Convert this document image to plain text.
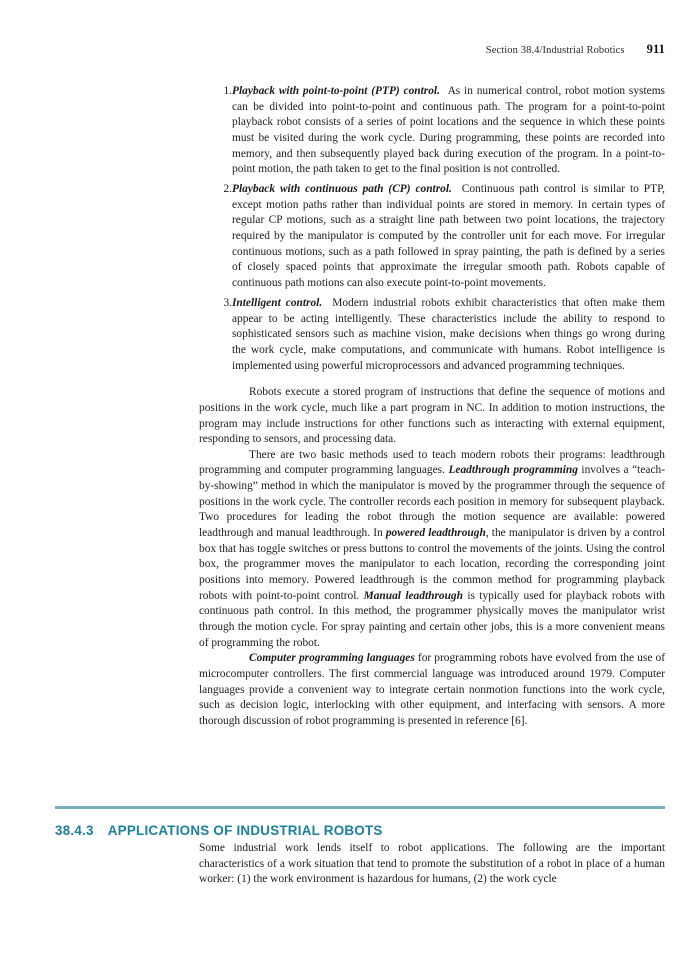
Section 38.4/Industrial Robotics 911
Playback with point-to-point (PTP) control. As in numerical control, robot motion systems can be divided into point-to-point and continuous path. The program for a point-to-point playback robot consists of a series of point locations and the sequence in which these points must be visited during the work cycle. During programming, these points are recorded into memory, and then subsequently played back during execution of the program. In a point-to-point motion, the path taken to get to the final position is not controlled.
Playback with continuous path (CP) control. Continuous path control is similar to PTP, except motion paths rather than individual points are stored in memory. In certain types of regular CP motions, such as a straight line path between two point locations, the trajectory required by the manipulator is computed by the controller unit for each move. For irregular continuous motions, such as a path followed in spray painting, the path is defined by a series of closely spaced points that approximate the irregular smooth path. Robots capable of continuous path motions can also execute point-to-point movements.
Intelligent control. Modern industrial robots exhibit characteristics that often make them appear to be acting intelligently. These characteristics include the ability to respond to sophisticated sensors such as machine vision, make decisions when things go wrong during the work cycle, make computations, and communicate with humans. Robot intelligence is implemented using powerful microprocessors and advanced programming techniques.

Robots execute a stored program of instructions that define the sequence of motions and positions in the work cycle, much like a part program in NC. In addition to motion instructions, the program may include instructions for other functions such as interacting with external equipment, responding to sensors, and processing data.

There are two basic methods used to teach modern robots their programs: leadthrough programming and computer programming languages. Leadthrough programming involves a “teach-by-showing” method in which the manipulator is moved by the programmer through the sequence of positions in the work cycle. The controller records each position in memory for subsequent playback. Two procedures for leading the robot through the motion sequence are available: powered leadthrough and manual leadthrough. In powered leadthrough, the manipulator is driven by a control box that has toggle switches or press buttons to control the movements of the joints. Using the control box, the programmer moves the manipulator to each location, recording the corresponding joint positions into memory. Powered leadthrough is the common method for programming playback robots with point-to-point control. Manual leadthrough is typically used for playback robots with continuous path control. In this method, the programmer physically moves the manipulator wrist through the motion cycle. For spray painting and certain other jobs, this is a more convenient means of programming the robot.

Computer programming languages for programming robots have evolved from the use of microcomputer controllers. The first commercial language was introduced around 1979. Computer languages provide a convenient way to integrate certain nonmotion functions into the work cycle, such as decision logic, interlocking with other equipment, and interfacing with sensors. A more thorough discussion of robot programming is presented in reference [6].

38.4.3 APPLICATIONS OF INDUSTRIAL ROBOTS

Some industrial work lends itself to robot applications. The following are the important characteristics of a work situation that tend to promote the substitution of a robot in place of a human worker: (1) the work environment is hazardous for humans, (2) the work cycle
